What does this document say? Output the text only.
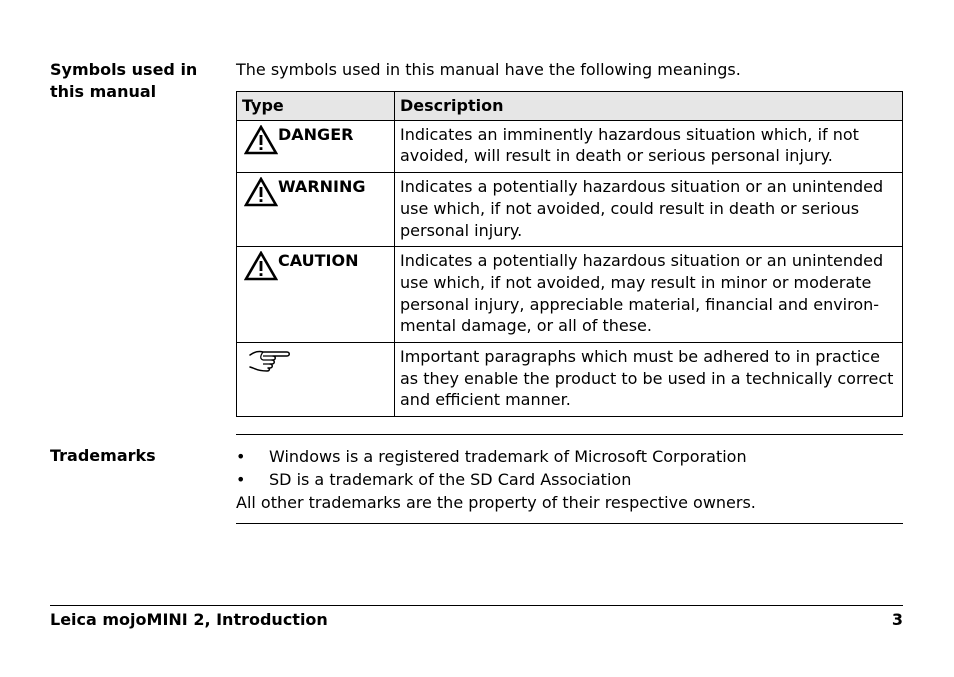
Symbols used in this manual
The symbols used in this manual have the following meanings.
Type	Description
DANGER	Indicates an imminently hazardous situation which, if not avoided, will result in death or serious personal injury.
WARNING	Indicates a potentially hazardous situation or an unintended use which, if not avoided, could result in death or serious personal injury.
CAUTION	Indicates a potentially hazardous situation or an unintended use which, if not avoided, may result in minor or moderate personal injury, appreciable material, financial and environ-mental damage, or all of these.
	Important paragraphs which must be adhered to in practice as they enable the product to be used in a technically correct and efficient manner.
Trademarks	• Windows is a registered trademark of Microsoft Corporation
• SD is a trademark of the SD Card Association
All other trademarks are the property of their respective owners.
Leica mojoMINI 2, Introduction	3
